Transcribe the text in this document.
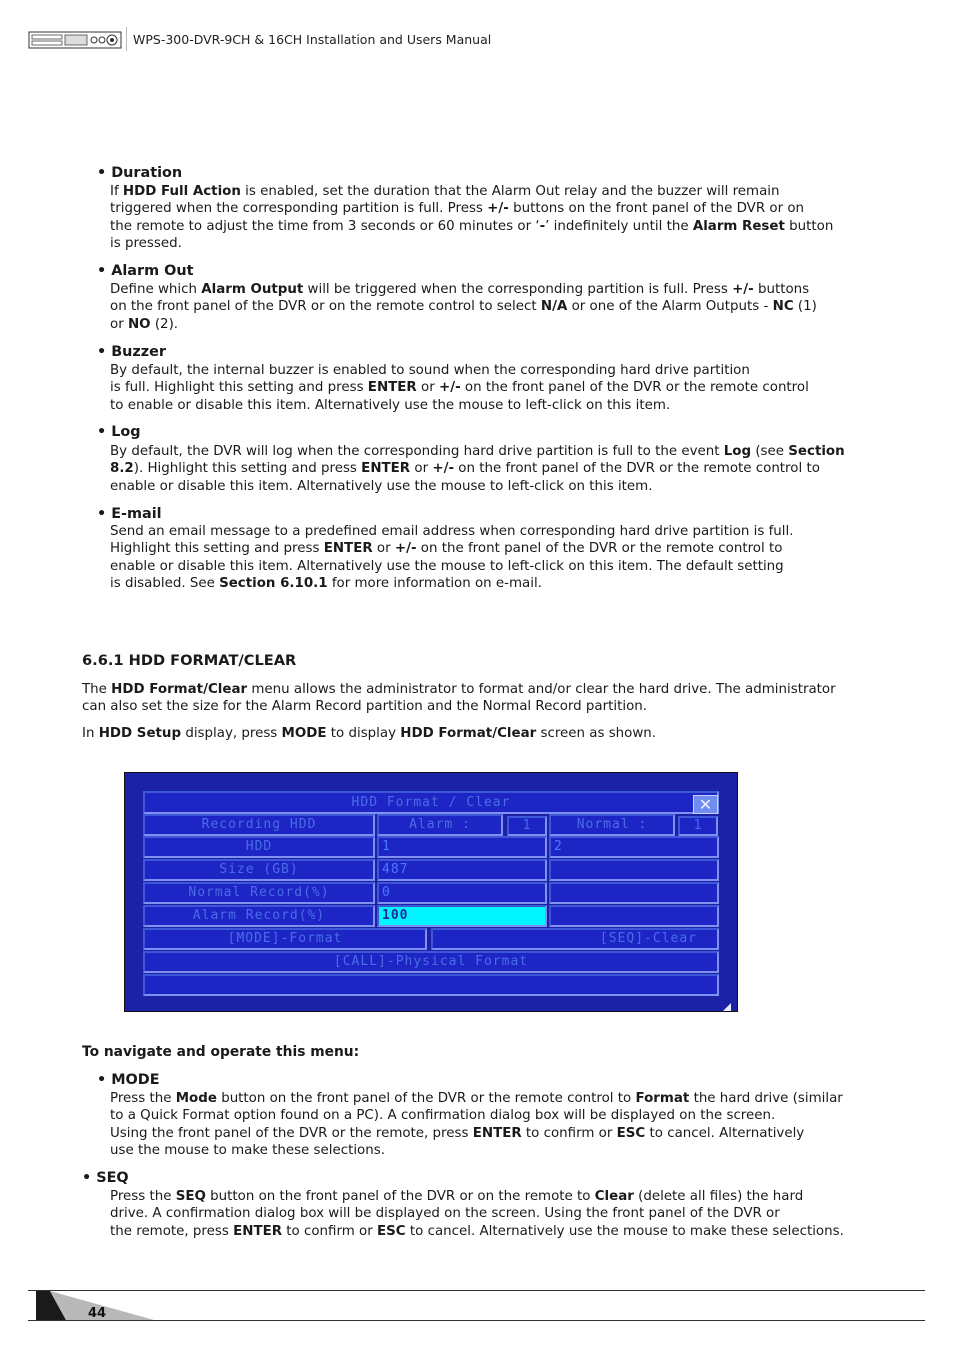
WPS-300-DVR-9CH & 16CH Installation and Users Manual
• Duration
If HDD Full Action is enabled, set the duration that the Alarm Out relay and the buzzer will remain
triggered when the corresponding partition is full. Press +/- buttons on the front panel of the DVR or on
the remote to adjust the time from 3 seconds or 60 minutes or ‘-’ indefinitely until the Alarm Reset button
is pressed.
• Alarm Out
Define which Alarm Output will be triggered when the corresponding partition is full. Press +/- buttons
on the front panel of the DVR or on the remote control to select N/A or one of the Alarm Outputs - NC (1)
or NO (2).
• Buzzer
By default, the internal buzzer is enabled to sound when the corresponding hard drive partition
is full. Highlight this setting and press ENTER or +/- on the front panel of the DVR or the remote control
to enable or disable this item. Alternatively use the mouse to left-click on this item.
• Log
By default, the DVR will log when the corresponding hard drive partition is full to the event Log (see Section
8.2). Highlight this setting and press ENTER or +/- on the front panel of the DVR or the remote control to
enable or disable this item. Alternatively use the mouse to left-click on this item.
• E-mail
Send an email message to a predefined email address when corresponding hard drive partition is full.
Highlight this setting and press ENTER or +/- on the front panel of the DVR or the remote control to
enable or disable this item. Alternatively use the mouse to left-click on this item. The default setting
is disabled. See Section 6.10.1 for more information on e-mail.
6.6.1 HDD FORMAT/CLEAR
The HDD Format/Clear menu allows the administrator to format and/or clear the hard drive. The administrator
can also set the size for the Alarm Record partition and the Normal Record partition.
In HDD Setup display, press MODE to display HDD Format/Clear screen as shown.
HDD Format / Clear	✕
Recording HDD	Alarm :	1	Normal :	1
HDD	1	2
Size (GB)	487
Normal Record(%)	0
Alarm Record(%)	100
[MODE]-Format	[SEQ]-Clear
[CALL]-Physical Format
To navigate and operate this menu:
• MODE
Press the Mode button on the front panel of the DVR or the remote control to Format the hard drive (similar
to a Quick Format option found on a PC). A confirmation dialog box will be displayed on the screen.
Using the front panel of the DVR or the remote, press ENTER to confirm or ESC to cancel. Alternatively
use the mouse to make these selections.
• SEQ
Press the SEQ button on the front panel of the DVR or on the remote to Clear (delete all files) the hard
drive. A confirmation dialog box will be displayed on the screen. Using the front panel of the DVR or
the remote, press ENTER to confirm or ESC to cancel. Alternatively use the mouse to make these selections.
44
